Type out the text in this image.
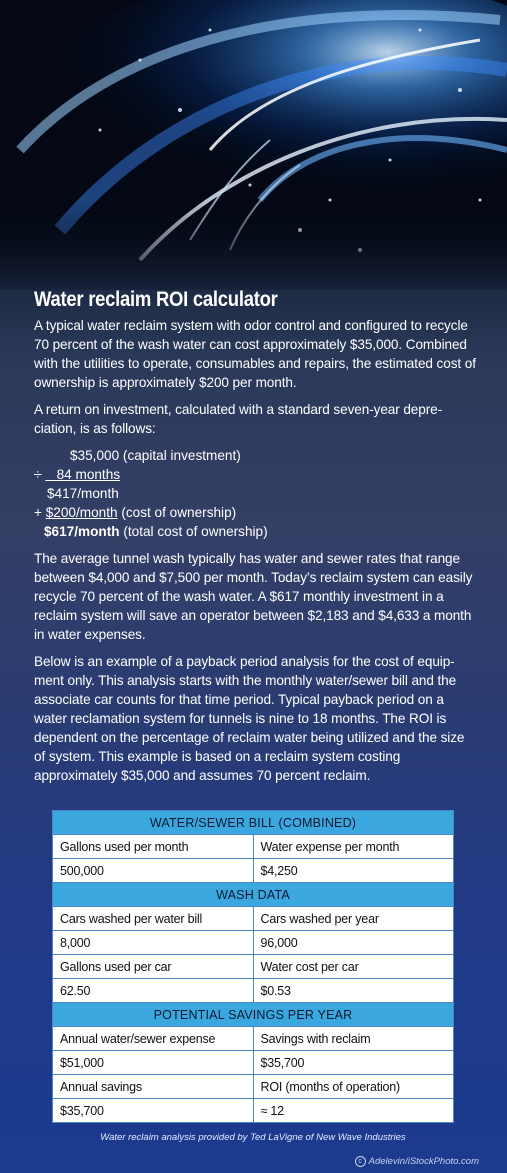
Water reclaim ROI calculator

A typical water reclaim system with odor control and configured to recycle 70 percent of the wash water can cost approximately $35,000. Combined with the utilities to operate, consumables and repairs, the estimated cost of ownership is approximately $200 per month.

A return on investment, calculated with a standard seven-year depre-ciation, is as follows:

$35,000 (capital investment)
÷ 84 months
$417/month
+ $200/month (cost of ownership)
$617/month (total cost of ownership)

The average tunnel wash typically has water and sewer rates that range between $4,000 and $7,500 per month. Today’s reclaim system can easily recycle 70 percent of the wash water. A $617 monthly investment in a reclaim system will save an operator between $2,183 and $4,633 a month in water expenses.

Below is an example of a payback period analysis for the cost of equip-ment only. This analysis starts with the monthly water/sewer bill and the associate car counts for that time period. Typical payback period on a water reclamation system for tunnels is nine to 18 months. The ROI is dependent on the percentage of reclaim water being utilized and the size of system. This example is based on a reclaim system costing approximately $35,000 and assumes 70 percent reclaim.

WATER/SEWER BILL (COMBINED)	
Gallons used per month	Water expense per month
500,000	$4,250
WASH DATA	
Cars washed per water bill	Cars washed per year
8,000	96,000
Gallons used per car	Water cost per car
62.50	$0.53
POTENTIAL SAVINGS PER YEAR	
Annual water/sewer expense	Savings with reclaim
$51,000	$35,700
Annual savings	ROI (months of operation)
$35,700	≈ 12
Water reclaim analysis provided by Ted LaVigne of New Wave Industries
c Adelevin/iStockPhoto.com
